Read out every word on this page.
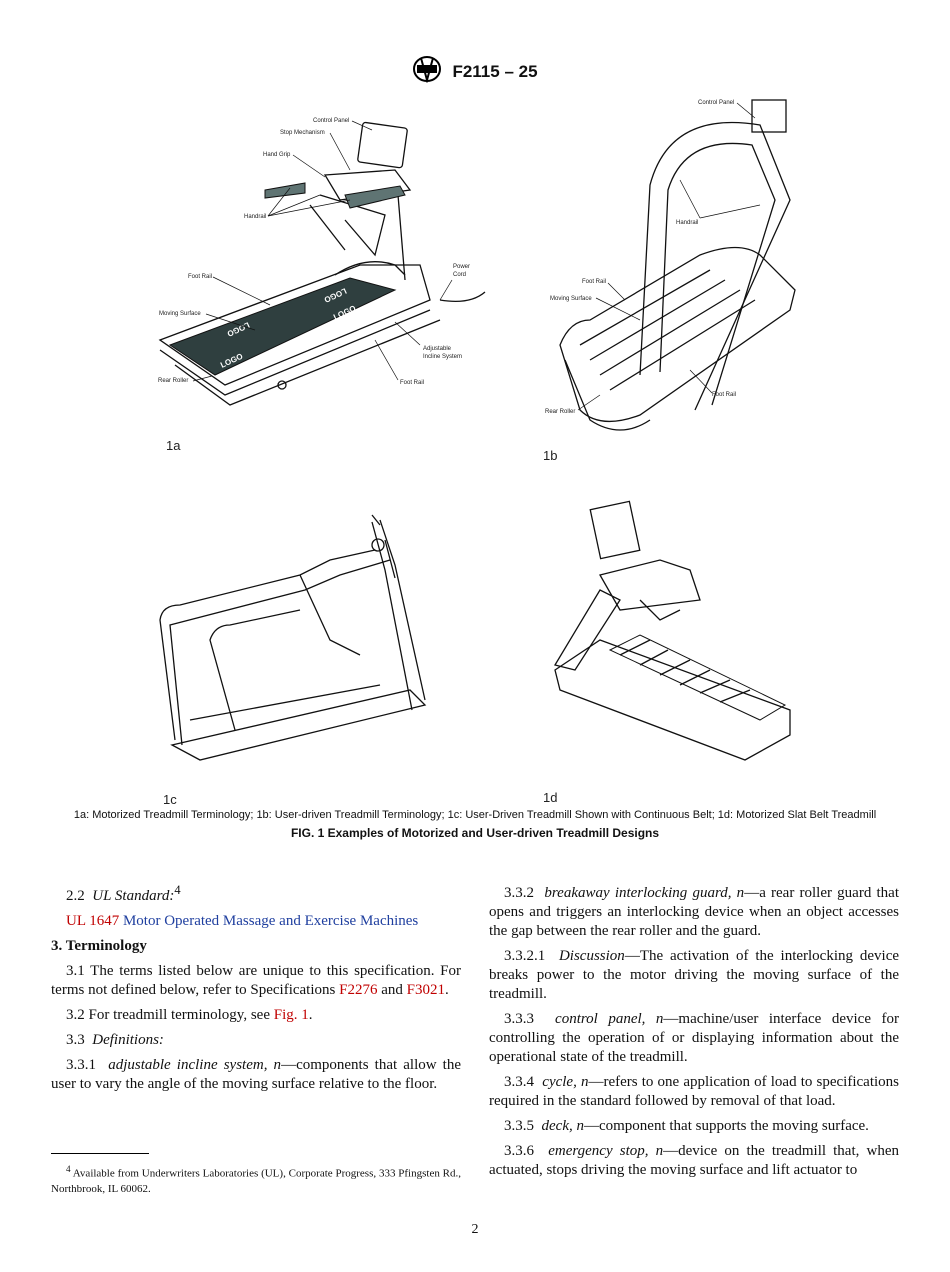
F2115 – 25
LOGO
LOGO
LOGO
LOGO
Control Panel
Stop Mechanism
Hand Grip
Handrail
Foot Rail
Moving Surface
Rear Roller
Power
Cord
Adjustable
Incline System
Foot Rail
1a
Control Panel
Handrail
Foot Rail
Moving Surface
Rear Roller
Foot Rail
1b
1c	1d
1a: Motorized Treadmill Terminology; 1b: User-driven Treadmill Terminology; 1c: User-Driven Treadmill Shown with Continuous Belt; 1d: Motorized Slat Belt Treadmill
FIG. 1 Examples of Motorized and User-driven Treadmill Designs

2.2 UL Standard:$^4$

UL 1647 Motor Operated Massage and Exercise Machines

3. Terminology

3.1 The terms listed below are unique to this specification. For terms not defined below, refer to Specifications F2276 and F3021.

3.2 For treadmill terminology, see Fig. 1.

3.3 Definitions:

3.3.1 adjustable incline system, n—components that allow the user to vary the angle of the moving surface relative to the floor.

$^4$ Available from Underwriters Laboratories (UL), Corporate Progress, 333 Pfingsten Rd., Northbrook, IL 60062.

3.3.2 breakaway interlocking guard, n—a rear roller guard that opens and triggers an interlocking device when an object accesses the gap between the rear roller and the guard.

3.3.2.1 Discussion—The activation of the interlocking device breaks power to the motor driving the moving surface of the treadmill.

3.3.3 control panel, n—machine/user interface device for controlling the operation of or displaying information about the operational state of the treadmill.

3.3.4 cycle, n—refers to one application of load to specifications required in the standard followed by removal of that load.

3.3.5 deck, n—component that supports the moving surface.

3.3.6 emergency stop, n—device on the treadmill that, when actuated, stops driving the moving surface and lift actuator to

2
